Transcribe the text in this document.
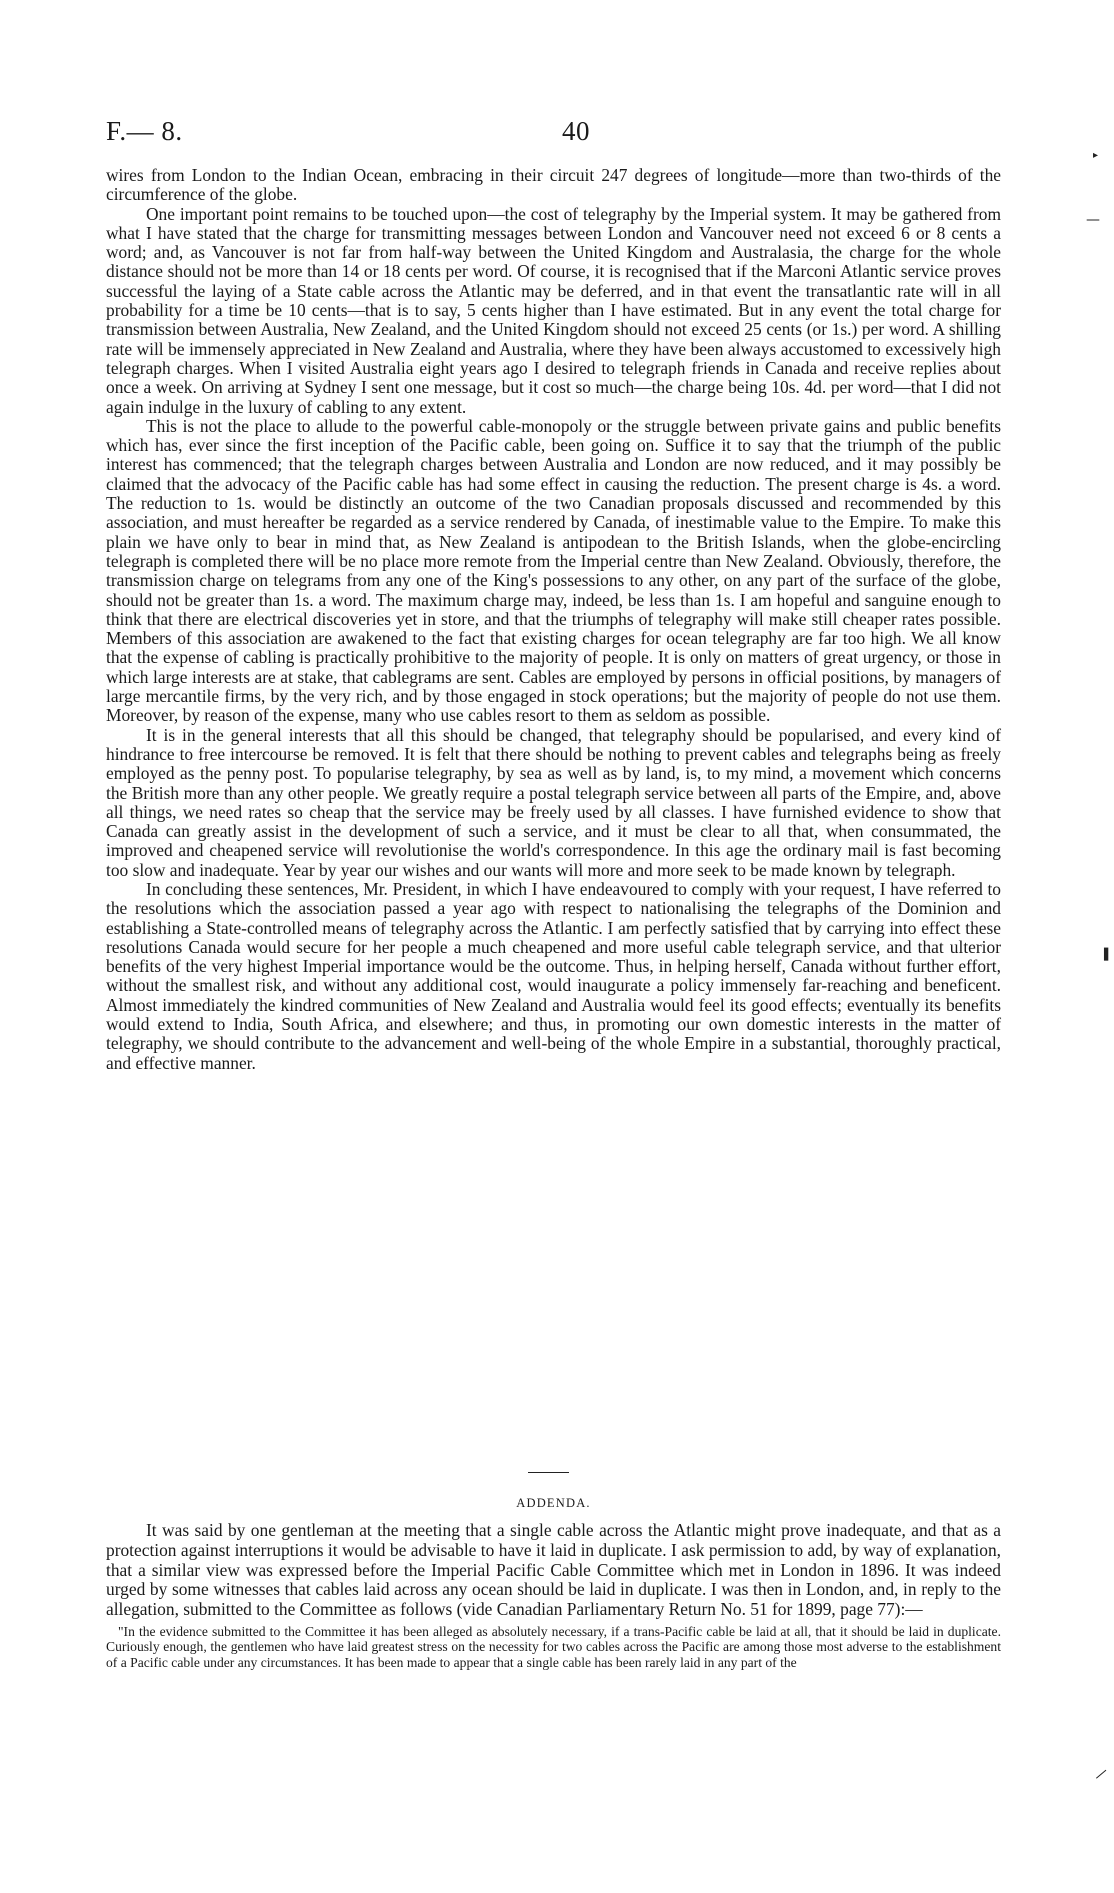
F.— 8.	40

wires from London to the Indian Ocean, embracing in their circuit 247 degrees of longitude—more than two-thirds of the circumference of the globe.

One important point remains to be touched upon—the cost of telegraphy by the Imperial system. It may be gathered from what I have stated that the charge for transmitting messages between London and Vancouver need not exceed 6 or 8 cents a word; and, as Vancouver is not far from half-way between the United Kingdom and Australasia, the charge for the whole distance should not be more than 14 or 18 cents per word. Of course, it is recognised that if the Marconi Atlantic service proves successful the laying of a State cable across the Atlantic may be deferred, and in that event the transatlantic rate will in all probability for a time be 10 cents—that is to say, 5 cents higher than I have estimated. But in any event the total charge for transmission between Australia, New Zealand, and the United Kingdom should not exceed 25 cents (or 1s.) per word. A shilling rate will be immensely appreciated in New Zealand and Australia, where they have been always accustomed to excessively high telegraph charges. When I visited Australia eight years ago I desired to telegraph friends in Canada and receive replies about once a week. On arriving at Sydney I sent one message, but it cost so much—the charge being 10s. 4d. per word—that I did not again indulge in the luxury of cabling to any extent.

This is not the place to allude to the powerful cable-monopoly or the struggle between private gains and public benefits which has, ever since the first inception of the Pacific cable, been going on. Suffice it to say that the triumph of the public interest has commenced; that the telegraph charges between Australia and London are now reduced, and it may possibly be claimed that the advocacy of the Pacific cable has had some effect in causing the reduction. The present charge is 4s. a word. The reduction to 1s. would be distinctly an outcome of the two Canadian proposals discussed and recommended by this association, and must hereafter be regarded as a service rendered by Canada, of inestimable value to the Empire. To make this plain we have only to bear in mind that, as New Zealand is antipodean to the British Islands, when the globe-encircling telegraph is completed there will be no place more remote from the Imperial centre than New Zealand. Obviously, therefore, the transmission charge on telegrams from any one of the King's possessions to any other, on any part of the surface of the globe, should not be greater than 1s. a word. The maximum charge may, indeed, be less than 1s. I am hopeful and sanguine enough to think that there are electrical discoveries yet in store, and that the triumphs of telegraphy will make still cheaper rates possible. Members of this association are awakened to the fact that existing charges for ocean telegraphy are far too high. We all know that the expense of cabling is practically prohibitive to the majority of people. It is only on matters of great urgency, or those in which large interests are at stake, that cablegrams are sent. Cables are employed by persons in official positions, by managers of large mercantile firms, by the very rich, and by those engaged in stock operations; but the majority of people do not use them. Moreover, by reason of the expense, many who use cables resort to them as seldom as possible.

It is in the general interests that all this should be changed, that telegraphy should be popularised, and every kind of hindrance to free intercourse be removed. It is felt that there should be nothing to prevent cables and telegraphs being as freely employed as the penny post. To popularise telegraphy, by sea as well as by land, is, to my mind, a movement which concerns the British more than any other people. We greatly require a postal telegraph service between all parts of the Empire, and, above all things, we need rates so cheap that the service may be freely used by all classes. I have furnished evidence to show that Canada can greatly assist in the development of such a service, and it must be clear to all that, when consummated, the improved and cheapened service will revolutionise the world's correspondence. In this age the ordinary mail is fast becoming too slow and inadequate. Year by year our wishes and our wants will more and more seek to be made known by telegraph.

In concluding these sentences, Mr. President, in which I have endeavoured to comply with your request, I have referred to the resolutions which the association passed a year ago with respect to nationalising the telegraphs of the Dominion and establishing a State-controlled means of telegraphy across the Atlantic. I am perfectly satisfied that by carrying into effect these resolutions Canada would secure for her people a much cheapened and more useful cable telegraph service, and that ulterior benefits of the very highest Imperial importance would be the outcome. Thus, in helping herself, Canada without further effort, without the smallest risk, and without any additional cost, would inaugurate a policy immensely far-reaching and beneficent. Almost immediately the kindred communities of New Zealand and Australia would feel its good effects; eventually its benefits would extend to India, South Africa, and elsewhere; and thus, in promoting our own domestic interests in the matter of telegraphy, we should contribute to the advancement and well-being of the whole Empire in a substantial, thoroughly practical, and effective manner.

ADDENDA.

It was said by one gentleman at the meeting that a single cable across the Atlantic might prove inadequate, and that as a protection against interruptions it would be advisable to have it laid in duplicate. I ask permission to add, by way of explanation, that a similar view was expressed before the Imperial Pacific Cable Committee which met in London in 1896. It was indeed urged by some witnesses that cables laid across any ocean should be laid in duplicate. I was then in London, and, in reply to the allegation, submitted to the Committee as follows (vide Canadian Parliamentary Return No. 51 for 1899, page 77):—

"In the evidence submitted to the Committee it has been alleged as absolutely necessary, if a trans-Pacific cable be laid at all, that it should be laid in duplicate. Curiously enough, the gentlemen who have laid greatest stress on the necessity for two cables across the Pacific are among those most adverse to the establishment of a Pacific cable under any circumstances. It has been made to appear that a single cable has been rarely laid in any part of the

▸
—
▌
—
